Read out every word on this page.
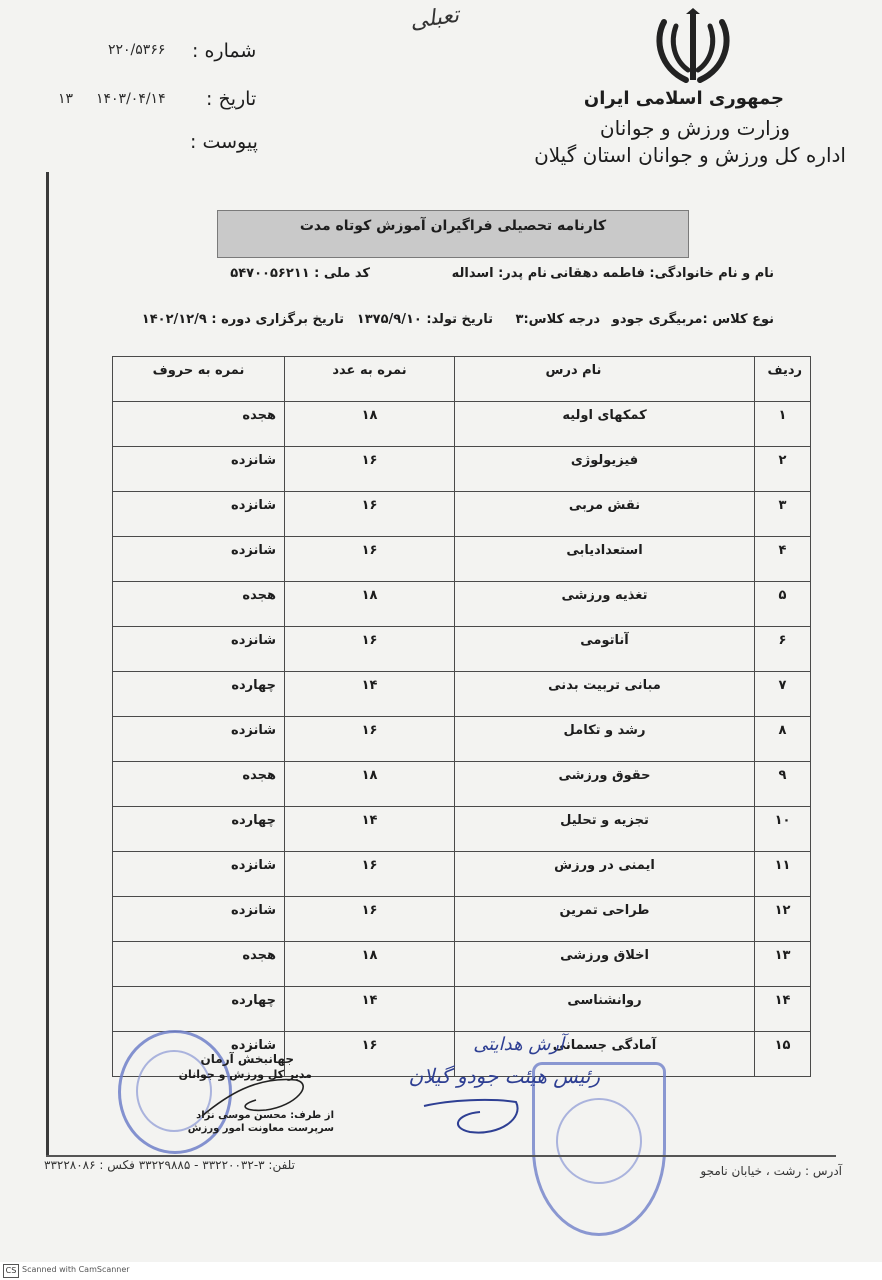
تعبلی
جمهوری اسلامی ایران
وزارت ورزش و جوانان
اداره کل ورزش و جوانان استان گیلان
شماره :
۲۲۰/۵۳۶۶
تاریخ :
۱۴۰۳/۰۴/۱۴
۱۳
پیوست :
کارنامه تحصیلی فراگیران آموزش کوتاه مدت
نام و نام خانوادگی: فاطمه دهقانی
نام پدر: اسداله
کد ملی : ۵۴۷۰۰۵۶۲۱۱
نوع کلاس :مربیگری جودو
درجه کلاس:۳
تاریخ تولد: ۱۳۷۵/۹/۱۰
تاریخ برگزاری دوره : ۱۴۰۲/۱۲/۹
ردیف	نام درس	نمره به عدد	نمره به حروف
۱	کمکهای اولیه	۱۸	هجده
۲	فیزیولوژی	۱۶	شانزده
۳	نقش مربی	۱۶	شانزده
۴	استعدادیابی	۱۶	شانزده
۵	تغذیه ورزشی	۱۸	هجده
۶	آناتومی	۱۶	شانزده
۷	مبانی تربیت بدنی	۱۴	چهارده
۸	رشد و تکامل	۱۶	شانزده
۹	حقوق ورزشی	۱۸	هجده
۱۰	تجزیه و تحلیل	۱۴	چهارده
۱۱	ایمنی در ورزش	۱۶	شانزده
۱۲	طراحی تمرین	۱۶	شانزده
۱۳	اخلاق ورزشی	۱۸	هجده
۱۴	روانشناسی	۱۴	چهارده
۱۵	آمادگی جسمانی	۱۶	شانزده
جهانبخش آرمان
مدیر کل ورزش و جوانان
از طرف: محسن موسی نژاد
سرپرست معاونت امور ورزش
آرش هدایتی
رئیس هیئت جودو گیلان
آدرس : رشت ، خیابان نامجو
تلفن: ۳-۳۳۲۲۰۰۳۲ - ۳۳۲۲۹۸۸۵ فکس : ۳۳۲۲۸۰۸۶
CS Scanned with CamScanner
